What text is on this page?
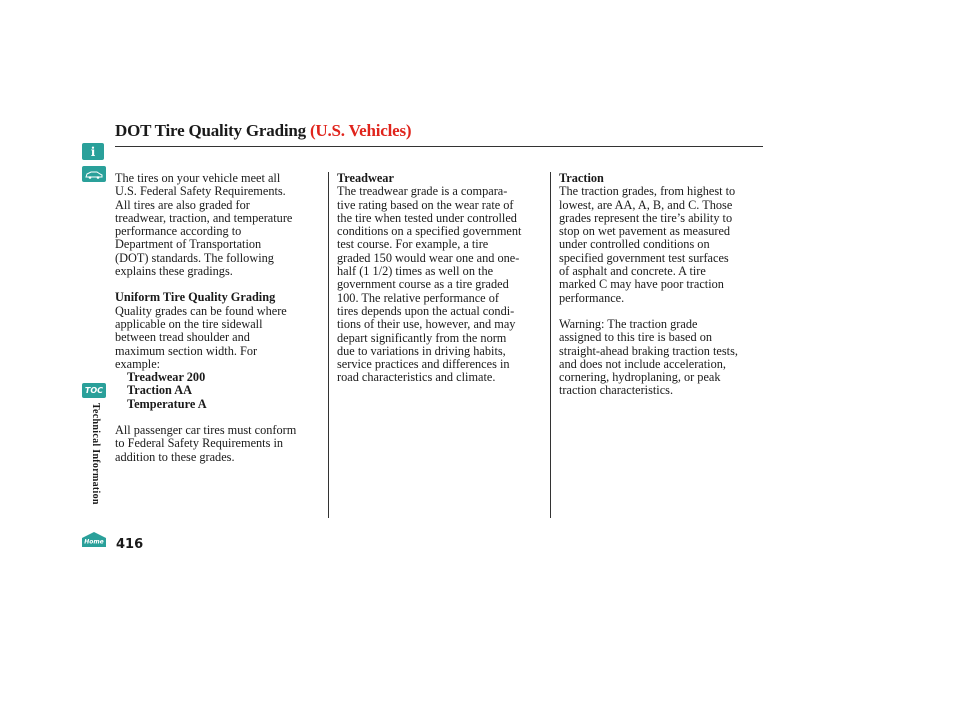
DOT Tire Quality Grading (U.S. Vehicles)
i
TOC
Technical Information
Home 416

The tires on your vehicle meet all

U.S. Federal Safety Requirements.

All tires are also graded for

treadwear, traction, and temperature

performance according to

Department of Transportation

(DOT) standards. The following

explains these gradings.

Uniform Tire Quality Grading

Quality grades can be found where

applicable on the tire sidewall

between tread shoulder and

maximum section width. For

example:

Treadwear 200

Traction AA

Temperature A

All passenger car tires must conform

to Federal Safety Requirements in

addition to these grades.

Treadwear

The treadwear grade is a compara-

tive rating based on the wear rate of

the tire when tested under controlled

conditions on a specified government

test course. For example, a tire

graded 150 would wear one and one-

half (1 1/2) times as well on the

government course as a tire graded

100. The relative performance of

tires depends upon the actual condi-

tions of their use, however, and may

depart significantly from the norm

due to variations in driving habits,

service practices and differences in

road characteristics and climate.

Traction

The traction grades, from highest to

lowest, are AA, A, B, and C. Those

grades represent the tire’s ability to

stop on wet pavement as measured

under controlled conditions on

specified government test surfaces

of asphalt and concrete. A tire

marked C may have poor traction

performance.

Warning: The traction grade

assigned to this tire is based on

straight-ahead braking traction tests,

and does not include acceleration,

cornering, hydroplaning, or peak

traction characteristics.
